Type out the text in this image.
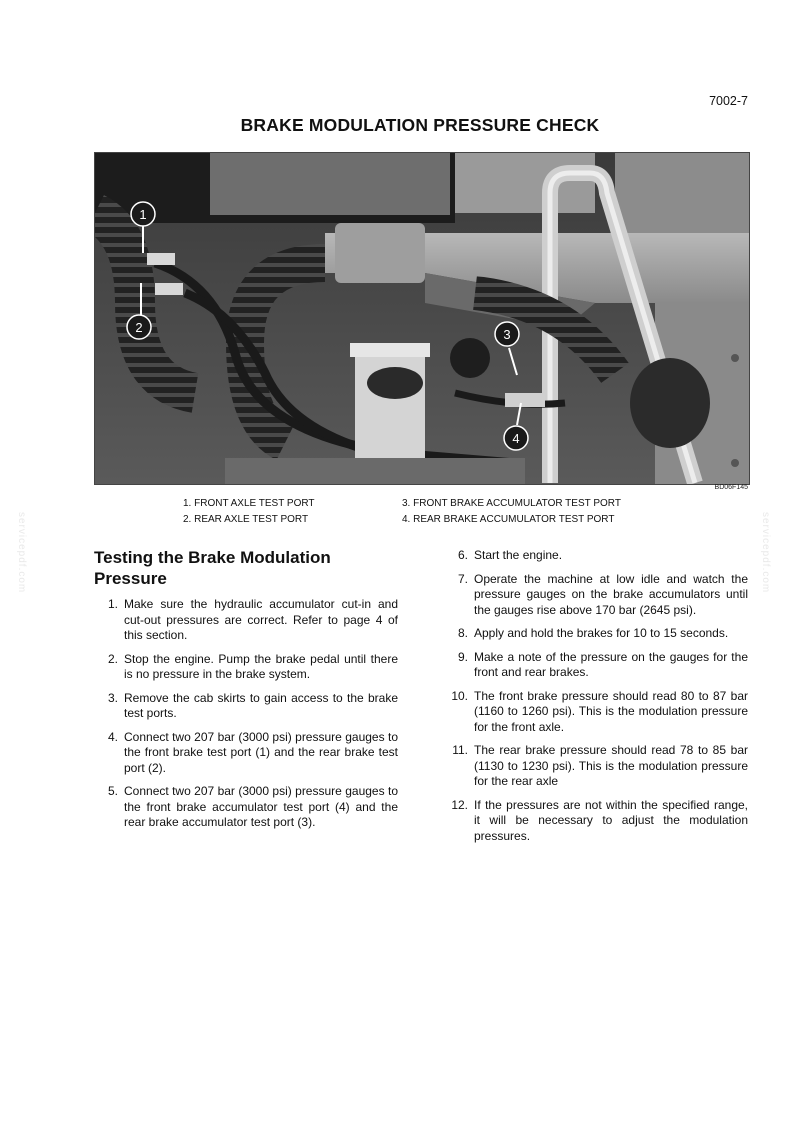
7002-7
BRAKE MODULATION PRESSURE CHECK
1
2	3
4
BD06F145
1. FRONT AXLE TEST PORT
2. REAR AXLE TEST PORT
3. FRONT BRAKE ACCUMULATOR TEST PORT
4. REAR BRAKE ACCUMULATOR TEST PORT
servicepdf.com	servicepdf.com
Testing the Brake Modulation Pressure
1. Make sure the hydraulic accumulator cut-in and cut-out pressures are correct. Refer to page 4 of this section.
2. Stop the engine. Pump the brake pedal until there is no pressure in the brake system.
3. Remove the cab skirts to gain access to the brake test ports.
4. Connect two 207 bar (3000 psi) pressure gauges to the front brake test port (1) and the rear brake test port (2).
5. Connect two 207 bar (3000 psi) pressure gauges to the front brake accumulator test port (4) and the rear brake accumulator test port (3).
6. Start the engine.
7. Operate the machine at low idle and watch the pressure gauges on the brake accumulators until the gauges rise above 170 bar (2645 psi).
8. Apply and hold the brakes for 10 to 15 seconds.
9. Make a note of the pressure on the gauges for the front and rear brakes.
10. The front brake pressure should read 80 to 87 bar (1160 to 1260 psi). This is the modulation pressure for the front axle.
11. The rear brake pressure should read 78 to 85 bar (1130 to 1230 psi). This is the modulation pressure for the rear axle
12. If the pressures are not within the specified range, it will be necessary to adjust the modulation pressures.
